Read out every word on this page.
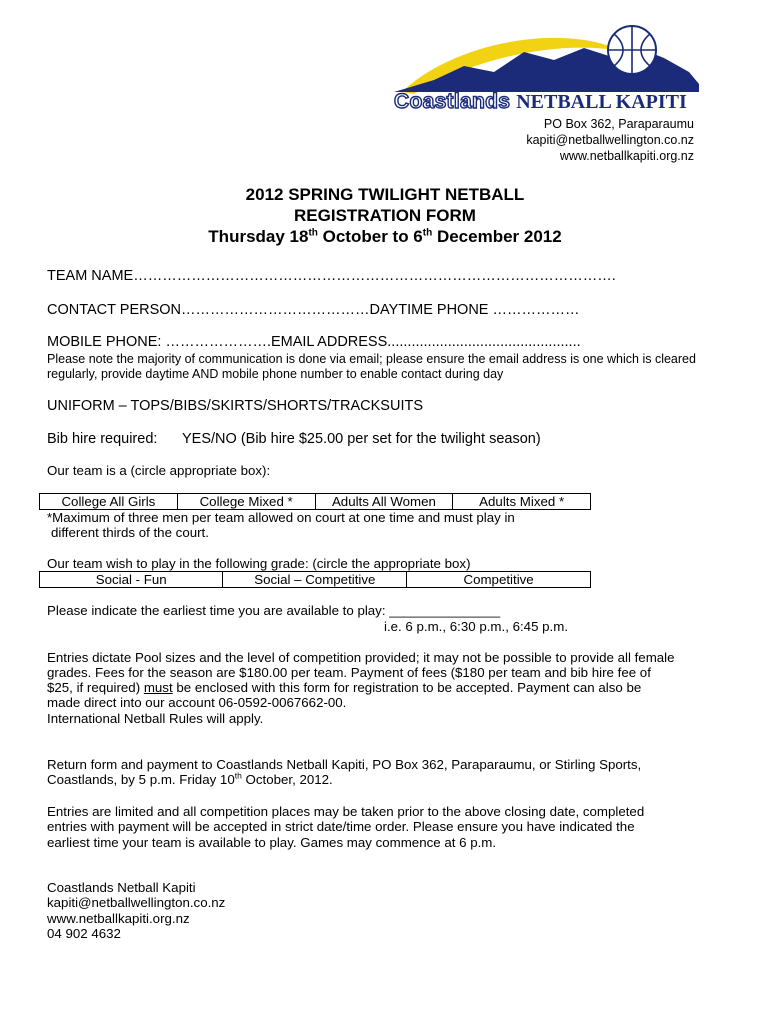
Coastlands NETBALL KAPITI
PO Box 362, Paraparaumu
kapiti@netballwellington.co.nz
www.netballkapiti.org.nz
2012 SPRING TWILIGHT NETBALL
REGISTRATION FORM
Thursday 18th October to 6th December 2012
TEAM NAME……………………………………………………………………………………….
CONTACT PERSON…………………………………DAYTIME PHONE ………………
MOBILE PHONE: ………………….EMAIL ADDRESS................................................
Please note the majority of communication is done via email; please ensure the email address is one which is cleared regularly, provide daytime AND mobile phone number to enable contact during day
UNIFORM – TOPS/BIBS/SKIRTS/SHORTS/TRACKSUITS
Bib hire required: YES/NO (Bib hire $25.00 per set for the twilight season)
Our team is a (circle appropriate box):
College All Girls	College Mixed *	Adults All Women	Adults Mixed *
*Maximum of three men per team allowed on court at one time and must play in
different thirds of the court.
Our team wish to play in the following grade: (circle the appropriate box)
Social - Fun	Social – Competitive	Competitive
Please indicate the earliest time you are available to play: _______________
i.e. 6 p.m., 6:30 p.m., 6:45 p.m.
Entries dictate Pool sizes and the level of competition provided; it may not be possible to provide all female
grades. Fees for the season are $180.00 per team. Payment of fees ($180 per team and bib hire fee of
$25, if required) must be enclosed with this form for registration to be accepted. Payment can also be
made direct into our account 06-0592-0067662-00.
International Netball Rules will apply.
Return form and payment to Coastlands Netball Kapiti, PO Box 362, Paraparaumu, or Stirling Sports,
Coastlands, by 5 p.m. Friday 10th October, 2012.
Entries are limited and all competition places may be taken prior to the above closing date, completed
entries with payment will be accepted in strict date/time order. Please ensure you have indicated the
earliest time your team is available to play. Games may commence at 6 p.m.
Coastlands Netball Kapiti
kapiti@netballwellington.co.nz
www.netballkapiti.org.nz
04 902 4632
